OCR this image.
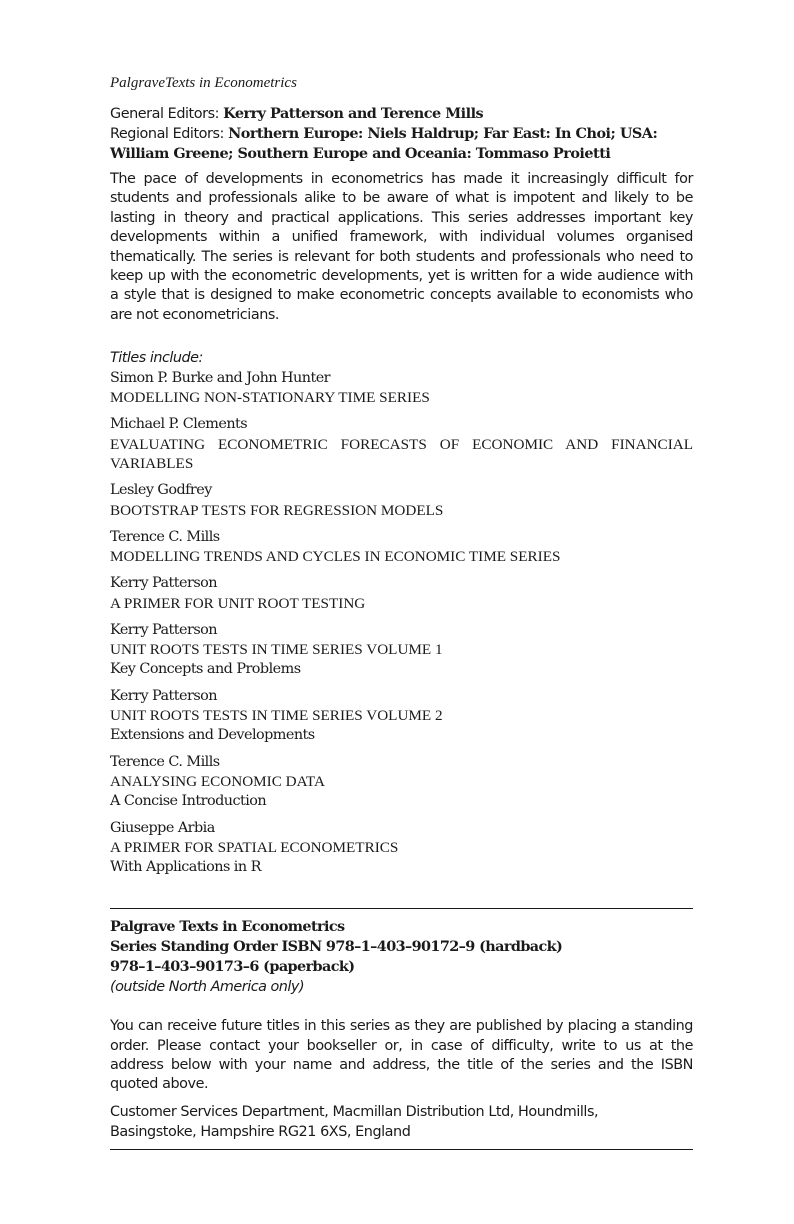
PalgraveTexts in Econometrics

General Editors: Kerry Patterson and Terence Mills
Regional Editors: Northern Europe: Niels Haldrup; Far East: In Choi; USA: William Greene; Southern Europe and Oceania: Tommaso Proietti

The pace of developments in econometrics has made it increasingly difficult for students and professionals alike to be aware of what is impotent and likely to be lasting in theory and practical applications. This series addresses important key developments within a unified framework, with individual volumes organised thematically. The series is relevant for both students and professionals who need to keep up with the econometric developments, yet is written for a wide audience with a style that is designed to make econometric concepts available to economists who are not econometricians.

Titles include:

Simon P. Burke and John Hunter
MODELLING NON-STATIONARY TIME SERIES
Michael P. Clements
EVALUATING ECONOMETRIC FORECASTS OF ECONOMIC AND FINANCIAL VARIABLES
Lesley Godfrey
BOOTSTRAP TESTS FOR REGRESSION MODELS
Terence C. Mills
MODELLING TRENDS AND CYCLES IN ECONOMIC TIME SERIES
Kerry Patterson
A PRIMER FOR UNIT ROOT TESTING
Kerry Patterson
UNIT ROOTS TESTS IN TIME SERIES VOLUME 1
Key Concepts and Problems
Kerry Patterson
UNIT ROOTS TESTS IN TIME SERIES VOLUME 2
Extensions and Developments
Terence C. Mills
ANALYSING ECONOMIC DATA
A Concise Introduction
Giuseppe Arbia
A PRIMER FOR SPATIAL ECONOMETRICS
With Applications in R
Palgrave Texts in Econometrics
Series Standing Order ISBN 978–1–403–90172–9 (hardback)
978–1–403–90173–6 (paperback)
(outside North America only)

You can receive future titles in this series as they are published by placing a standing order. Please contact your bookseller or, in case of difficulty, write to us at the address below with your name and address, the title of the series and the ISBN quoted above.

Customer Services Department, Macmillan Distribution Ltd, Houndmills,
Basingstoke, Hampshire RG21 6XS, England
